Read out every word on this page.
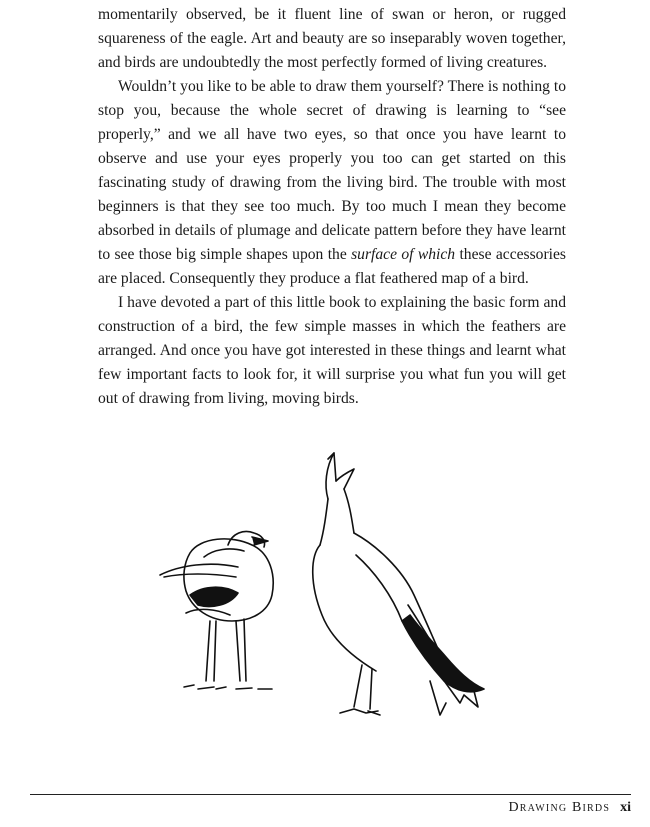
momentarily observed, be it fluent line of swan or heron, or rugged squareness of the eagle. Art and beauty are so inseparably woven together, and birds are undoubtedly the most perfectly formed of living creatures.

Wouldn’t you like to be able to draw them yourself? There is nothing to stop you, because the whole secret of drawing is learning to “see properly,” and we all have two eyes, so that once you have learnt to observe and use your eyes properly you too can get started on this fascinating study of drawing from the living bird. The trouble with most beginners is that they see too much. By too much I mean they become absorbed in details of plumage and delicate pattern before they have learnt to see those big simple shapes upon the surface of which these accessories are placed. Consequently they produce a flat feathered map of a bird.

I have devoted a part of this little book to explaining the basic form and construction of a bird, the few simple masses in which the feathers are arranged. And once you have got interested in these things and learnt what few important facts to look for, it will surprise you what fun you will get out of drawing from living, moving birds.

Drawing Birds xi
